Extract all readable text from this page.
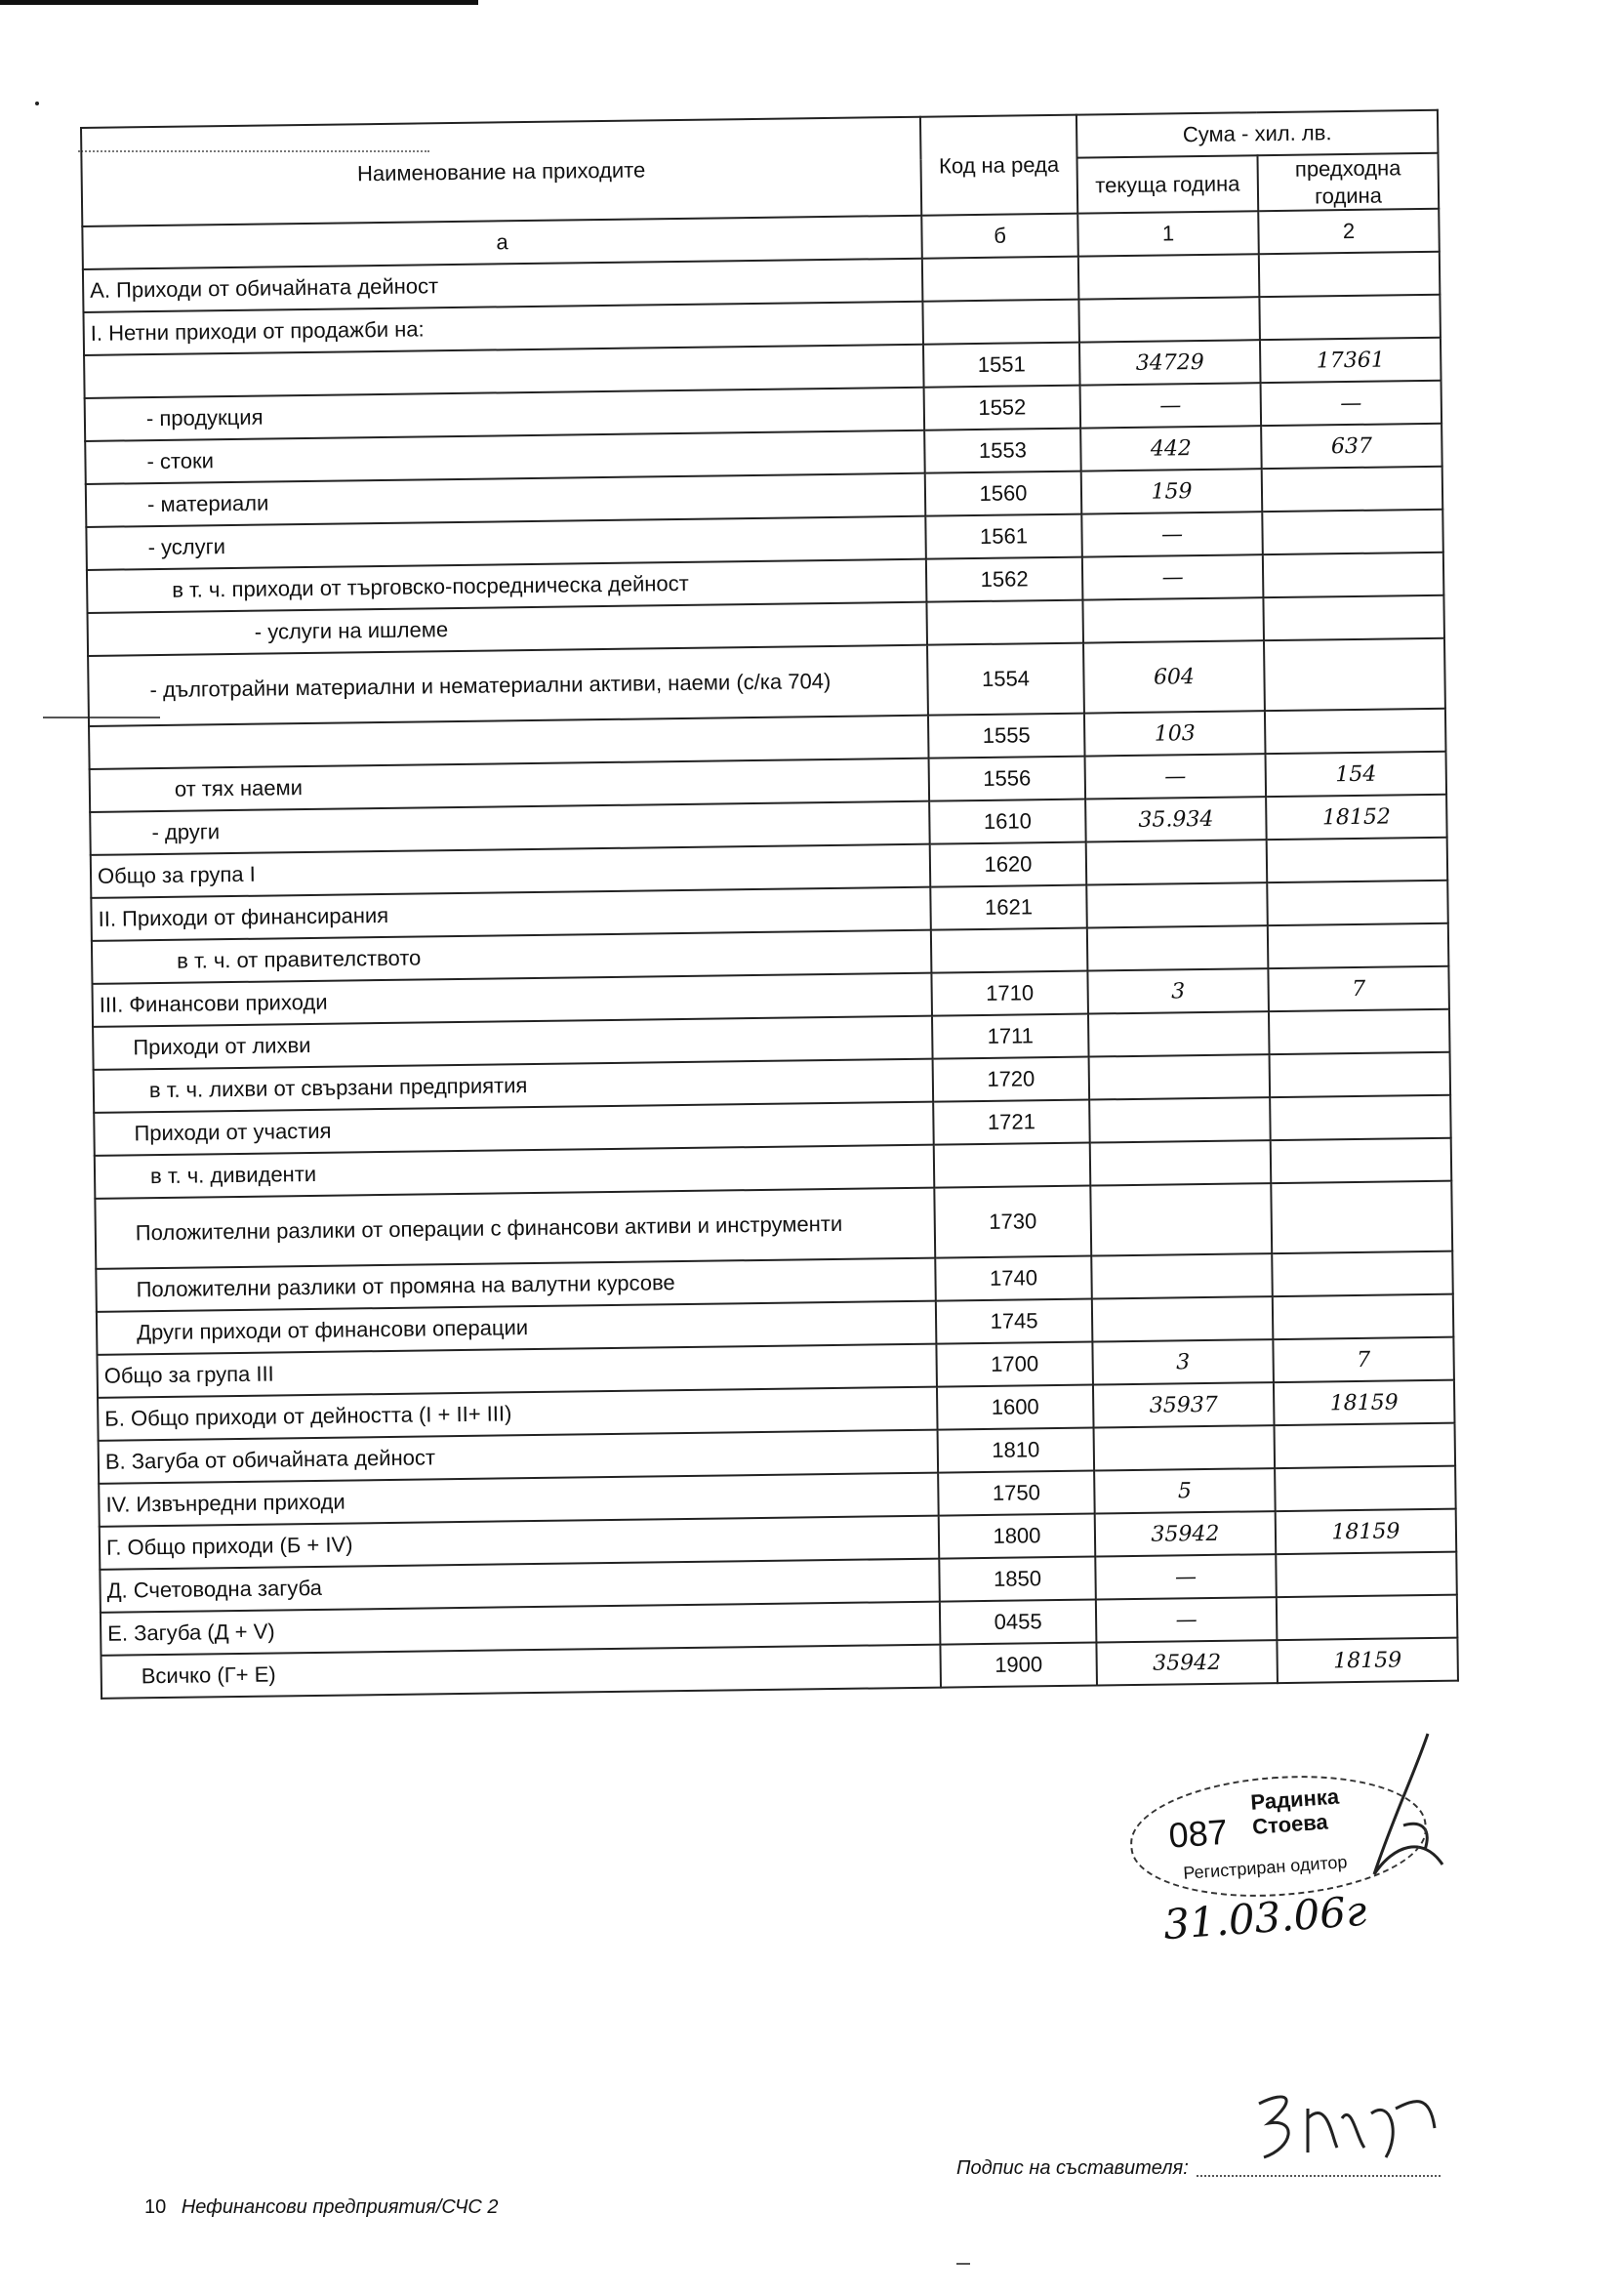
Наименование на приходите	Код на реда	Сума - хил. лв.	
		текуща година	предходна година
а	б	1	2
А. Приходи от обичайната дейност			
I. Нетни приходи от продажби на:			
	1551	34729	17361
- продукция	1552	—	—
- стоки	1553	442	637
- материали	1560	159	
- услуги	1561	—	
в т. ч. приходи от търговско-посредническа дейност	1562	—	
- услуги на ишлеме			
- дълготрайни материални и нематериални активи, наеми (с/ка 704)	1554	604	
	1555	103	
от тях наеми	1556	—	154
- други	1610	35.934	18152
Общо за група I	1620		
II. Приходи от финансирания	1621		
в т. ч. от правителството			
III. Финансови приходи	1710	3	7
Приходи от лихви	1711		
в т. ч. лихви от свързани предприятия	1720		
Приходи от участия	1721		
в т. ч. дивиденти			
Положителни разлики от операции с финансови активи и инструменти	1730		
Положителни разлики от промяна на валутни курсове	1740		
Други приходи от финансови операции	1745		
Общо за група III	1700	3	7
Б. Общо приходи от дейността (I + II+ III)	1600	35937	18159
В. Загуба от обичайната дейност	1810		
IV. Извънредни приходи	1750	5	
Г. Общо приходи (Б + IV)	1800	35942	18159
Д. Счетоводна загуба	1850	—	
Е. Загуба (Д + V)	0455	—	
Всичко (Г+ Е)	1900	35942	18159
087
Радинка Стоева
Регистриран одитор
31.03.06г
Подпис на съставителя:
10 Нефинансови предприятия/СЧС 2
